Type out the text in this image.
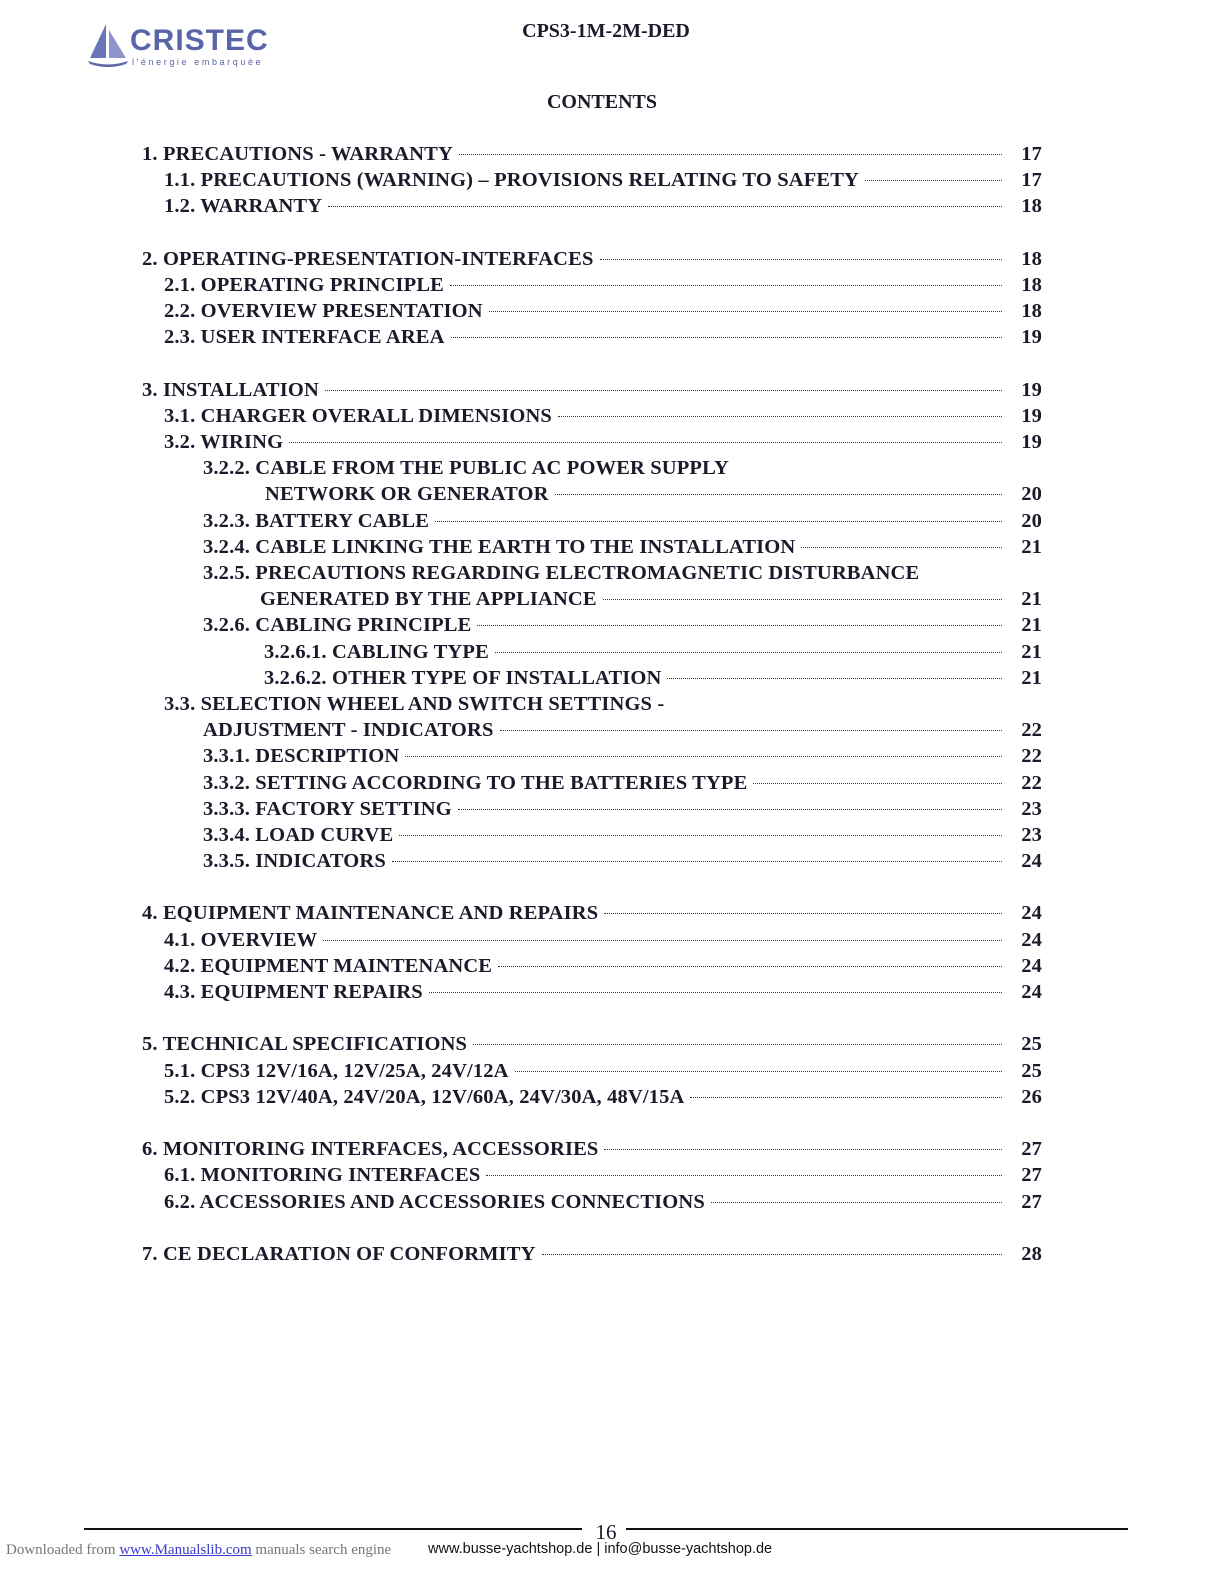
CRISTEC
l'énergie embarquée
CPS3-1M-2M-DED
CONTENTS
1. PRECAUTIONS - WARRANTY	17
1.1. PRECAUTIONS (WARNING) – PROVISIONS RELATING TO SAFETY	17
1.2. WARRANTY	18
2. OPERATING-PRESENTATION-INTERFACES	18
2.1. OPERATING PRINCIPLE	18
2.2. OVERVIEW PRESENTATION	18
2.3. USER INTERFACE AREA	19
3. INSTALLATION	19
3.1. CHARGER OVERALL DIMENSIONS	19
3.2. WIRING	19
3.2.2. CABLE FROM THE PUBLIC AC POWER SUPPLY
NETWORK OR GENERATOR	20
3.2.3. BATTERY CABLE	20
3.2.4. CABLE LINKING THE EARTH TO THE INSTALLATION	21
3.2.5. PRECAUTIONS REGARDING ELECTROMAGNETIC DISTURBANCE
GENERATED BY THE APPLIANCE	21
3.2.6. CABLING PRINCIPLE	21
3.2.6.1. CABLING TYPE	21
3.2.6.2. OTHER TYPE OF INSTALLATION	21
3.3. SELECTION WHEEL AND SWITCH SETTINGS -
ADJUSTMENT - INDICATORS	22
3.3.1. DESCRIPTION	22
3.3.2. SETTING ACCORDING TO THE BATTERIES TYPE	22
3.3.3. FACTORY SETTING	23
3.3.4. LOAD CURVE	23
3.3.5. INDICATORS	24
4. EQUIPMENT MAINTENANCE AND REPAIRS	24
4.1. OVERVIEW	24
4.2. EQUIPMENT MAINTENANCE	24
4.3. EQUIPMENT REPAIRS	24
5. TECHNICAL SPECIFICATIONS	25
5.1. CPS3 12V/16A, 12V/25A, 24V/12A	25
5.2. CPS3 12V/40A, 24V/20A, 12V/60A, 24V/30A, 48V/15A	26
6. MONITORING INTERFACES, ACCESSORIES	27
6.1. MONITORING INTERFACES	27
6.2. ACCESSORIES AND ACCESSORIES CONNECTIONS	27
7. CE DECLARATION OF CONFORMITY	28
16
Downloaded from www.Manualslib.com manuals search engine	www.busse-yachtshop.de | info@busse-yachtshop.de
